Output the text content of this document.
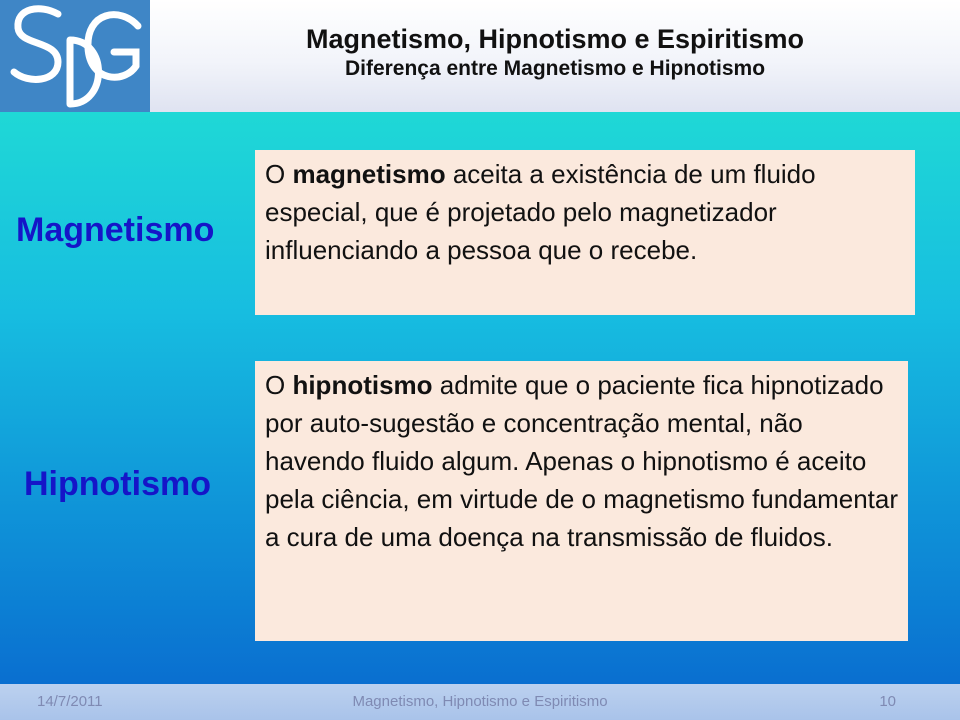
Magnetismo, Hipnotismo e Espiritismo
Diferença entre Magnetismo e Hipnotismo
Magnetismo
O magnetismo aceita a existência de um fluido especial, que é projetado pelo magnetizador influenciando a pessoa que o recebe.
Hipnotismo
O hipnotismo admite que o paciente fica hipnotizado por auto-sugestão e concentração mental, não havendo fluido algum. Apenas o hipnotismo é aceito pela ciência, em virtude de o magnetismo fundamentar a cura de uma doença na transmissão de fluidos.
14/7/2011	Magnetismo, Hipnotismo e Espiritismo	10
